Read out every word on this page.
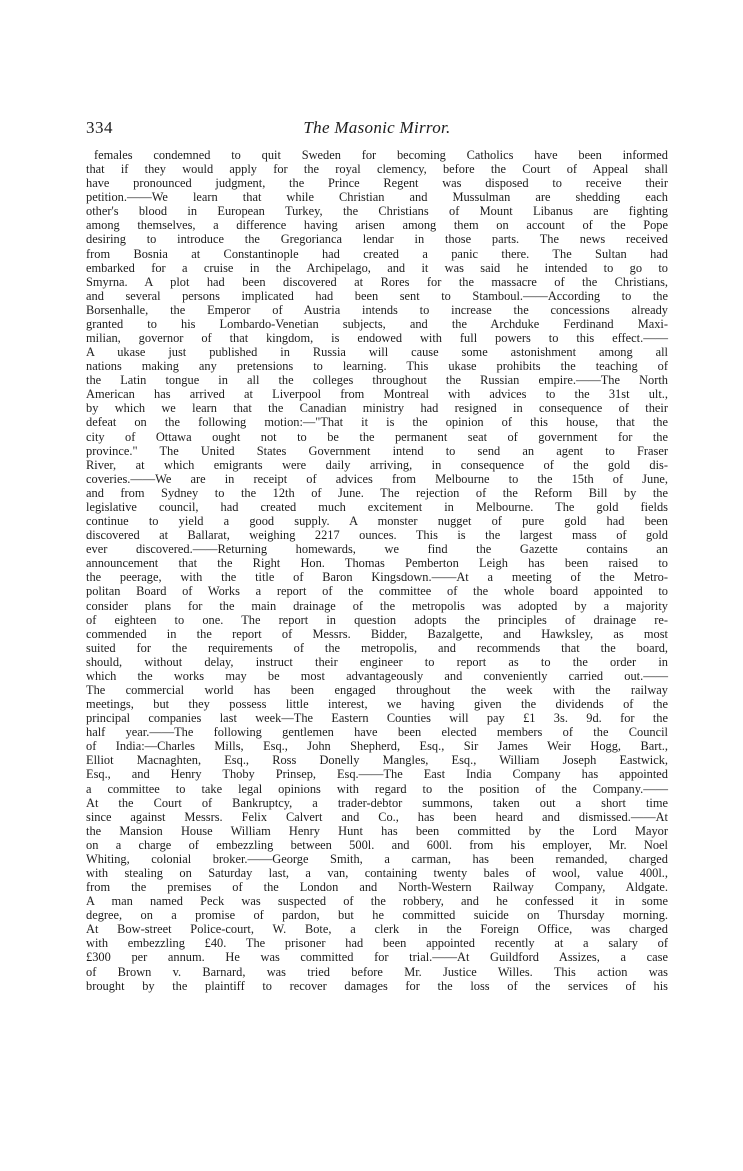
334	The Masonic Mirror.
females condemned to quit Sweden for becoming Catholics have been informed
that if they would apply for the royal clemency, before the Court of Appeal shall
have pronounced judgment, the Prince Regent was disposed to receive their
petition.——We learn that while Christian and Mussulman are shedding each
other's blood in European Turkey, the Christians of Mount Libanus are fighting
among themselves, a difference having arisen among them on account of the Pope
desiring to introduce the Gregorianca lendar in those parts. The news received
from Bosnia at Constantinople had created a panic there. The Sultan had
embarked for a cruise in the Archipelago, and it was said he intended to go to
Smyrna. A plot had been discovered at Rores for the massacre of the Christians,
and several persons implicated had been sent to Stamboul.——According to the
Borsenhalle, the Emperor of Austria intends to increase the concessions already
granted to his Lombardo-Venetian subjects, and the Archduke Ferdinand Maxi-
milian, governor of that kingdom, is endowed with full powers to this effect.——
A ukase just published in Russia will cause some astonishment among all
nations making any pretensions to learning. This ukase prohibits the teaching of
the Latin tongue in all the colleges throughout the Russian empire.——The North
American has arrived at Liverpool from Montreal with advices to the 31st ult.,
by which we learn that the Canadian ministry had resigned in consequence of their
defeat on the following motion:—"That it is the opinion of this house, that the
city of Ottawa ought not to be the permanent seat of government for the
province." The United States Government intend to send an agent to Fraser
River, at which emigrants were daily arriving, in consequence of the gold dis-
coveries.——We are in receipt of advices from Melbourne to the 15th of June,
and from Sydney to the 12th of June. The rejection of the Reform Bill by the
legislative council, had created much excitement in Melbourne. The gold fields
continue to yield a good supply. A monster nugget of pure gold had been
discovered at Ballarat, weighing 2217 ounces. This is the largest mass of gold
ever discovered.——Returning homewards, we find the Gazette contains an
announcement that the Right Hon. Thomas Pemberton Leigh has been raised to
the peerage, with the title of Baron Kingsdown.——At a meeting of the Metro-
politan Board of Works a report of the committee of the whole board appointed to
consider plans for the main drainage of the metropolis was adopted by a majority
of eighteen to one. The report in question adopts the principles of drainage re-
commended in the report of Messrs. Bidder, Bazalgette, and Hawksley, as most
suited for the requirements of the metropolis, and recommends that the board,
should, without delay, instruct their engineer to report as to the order in
which the works may be most advantageously and conveniently carried out.——
The commercial world has been engaged throughout the week with the railway
meetings, but they possess little interest, we having given the dividends of the
principal companies last week—The Eastern Counties will pay £1 3s. 9d. for the
half year.——The following gentlemen have been elected members of the Council
of India:—Charles Mills, Esq., John Shepherd, Esq., Sir James Weir Hogg, Bart.,
Elliot Macnaghten, Esq., Ross Donelly Mangles, Esq., William Joseph Eastwick,
Esq., and Henry Thoby Prinsep, Esq.——The East India Company has appointed
a committee to take legal opinions with regard to the position of the Company.——
At the Court of Bankruptcy, a trader-debtor summons, taken out a short time
since against Messrs. Felix Calvert and Co., has been heard and dismissed.——At
the Mansion House William Henry Hunt has been committed by the Lord Mayor
on a charge of embezzling between 500l. and 600l. from his employer, Mr. Noel
Whiting, colonial broker.——George Smith, a carman, has been remanded, charged
with stealing on Saturday last, a van, containing twenty bales of wool, value 400l.,
from the premises of the London and North-Western Railway Company, Aldgate.
A man named Peck was suspected of the robbery, and he confessed it in some
degree, on a promise of pardon, but he committed suicide on Thursday morning.
At Bow-street Police-court, W. Bote, a clerk in the Foreign Office, was charged
with embezzling £40. The prisoner had been appointed recently at a salary of
£300 per annum. He was committed for trial.——At Guildford Assizes, a case
of Brown v. Barnard, was tried before Mr. Justice Willes. This action was
brought by the plaintiff to recover damages for the loss of the services of his
